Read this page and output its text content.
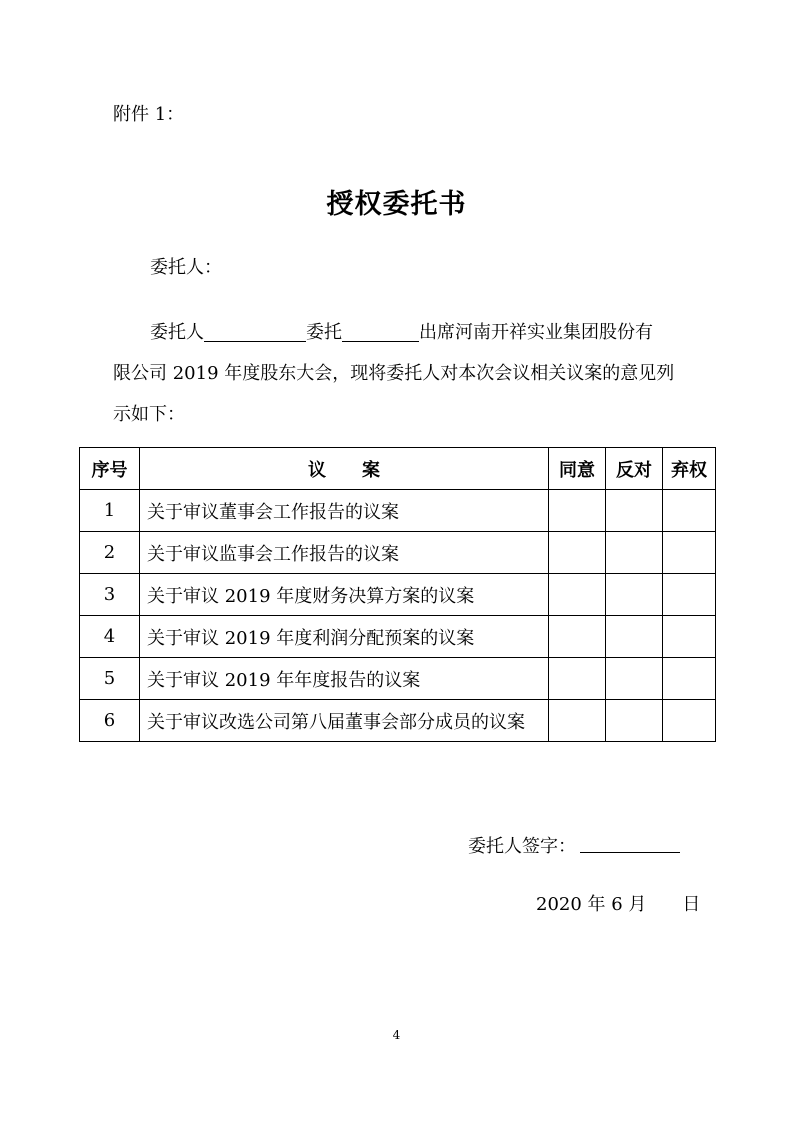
附件 1：
授权委托书
委托人：
委托人	委托	出席河南开祥实业集团股份有
限公司 2019 年度股东大会，现将委托人对本次会议相关议案的意见列
示如下：
序号	议　　案	同意	反对	弃权
1	关于审议董事会工作报告的议案			
2	关于审议监事会工作报告的议案			
3	关于审议 2019 年度财务决算方案的议案			
4	关于审议 2019 年度利润分配预案的议案			
5	关于审议 2019 年年度报告的议案			
6	关于审议改选公司第八届董事会部分成员的议案			
委托人签字：
2020 年 6 月　　日
4
